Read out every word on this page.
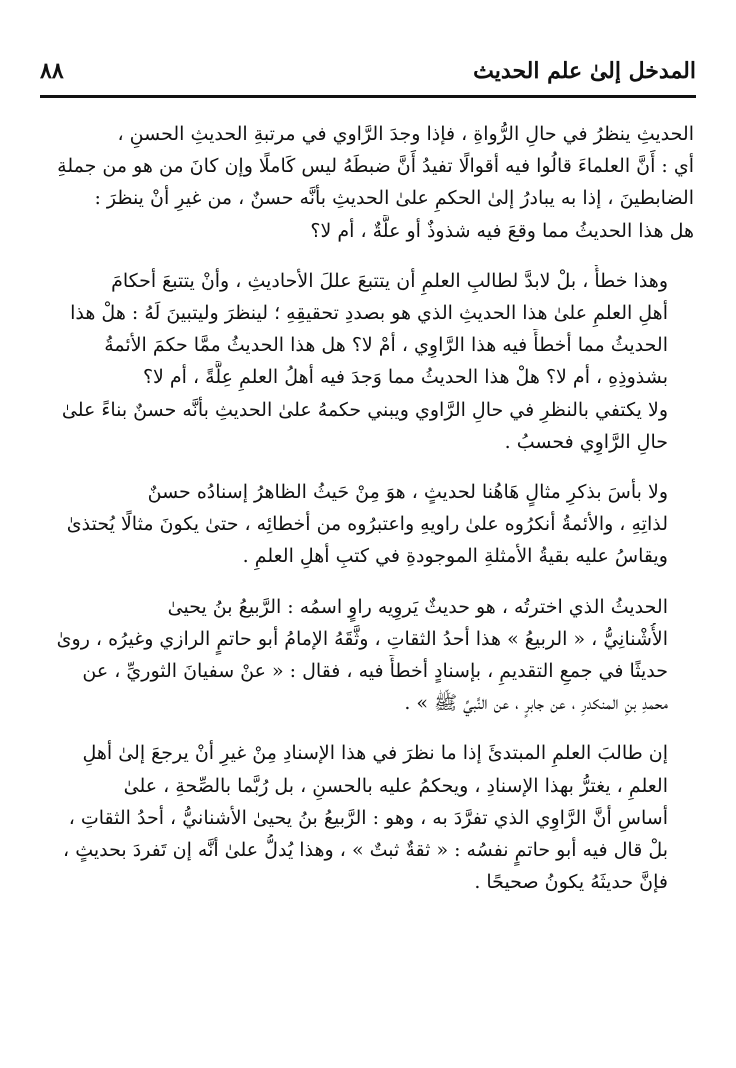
المدخل إلىٰ علم الحديث
٨٨

الحديثِ ينظرُ في حالِ الرُّواةِ ، فإذا وجدَ الرَّاوي في مرتبةِ الحديثِ الحسنِ ،
أي : أَنَّ العلماءَ قالُوا فيه أقوالًا تفيدُ أَنَّ ضبطَهُ ليس كَاملًا وإن كانَ من هو من جملةِ
الضابطينَ ، إذا به يبادرُ إلىٰ الحكمِ علىٰ الحديثِ بأنَّه حسنٌ ، من غيرِ أنْ ينظرَ :
هل هذا الحديثُ مما وقعَ فيه شذوذٌ أو علَّةٌ ، أم لا؟

وهذا خطأٌ ، بلْ لابدَّ لطالبِ العلمِ أن يتتبعَ عللَ الأحاديثِ ، وأنْ يتتبعَ أحكامَ
أهلِ العلمِ علىٰ هذا الحديثِ الذي هو بصددِ تحقيقِهِ ؛ لينظرَ وليتبينَ لَهُ : هلْ هذا
الحديثُ مما أخطأَ فيه هذا الرَّاوِي ، أمْ لا؟ هل هذا الحديثُ ممَّا حكمَ الأئمةُ
بشذوذِهِ ، أم لا؟ هلْ هذا الحديثُ مما وَجدَ فيه أهلُ العلمِ عِلَّةً ، أم لا؟
ولا يكتفي بالنظرِ في حالِ الرَّاوي ويبني حكمهُ علىٰ الحديثِ بأنَّه حسنٌ بناءً علىٰ
حالِ الرَّاوِي فحسبُ .

ولا بأسَ بذكرِ مثالٍ هَاهُنا لحديثٍ ، هوَ مِنْ حَيثُ الظاهرُ إسنادُه حسنٌ
لذاتِهِ ، والأئمةُ أنكرُوه علىٰ راويهِ واعتبرُوه من أخطائِه ، حتىٰ يكونَ مثالًا يُحتذىٰ
ويقاسُ عليه بقيةُ الأمثلةِ الموجودةِ في كتبِ أهلِ العلمِ .

الحديثُ الذي اخترتُه ، هو حديثٌ يَروِيه راوٍ اسمُه : الرَّبيعُ بنُ يحيىٰ
الأُشْنانِيُّ ، « الربيعُ » هذا أحدُ الثقاتِ ، وثَّقَهُ الإمامُ أبو حاتمٍ الرازي وغيرُه ، روىٰ
حديثًا في جمعِ التقديمِ ، بإسنادٍ أخطأَ فيه ، فقال : « عنْ سفيانَ الثوريِّ ، عن
محمدِ بنِ المنكدرِ ، عن جابرٍ ، عن النَّبيِّ ﷺ » .

إن طالبَ العلمِ المبتدئَ إذا ما نظرَ في هذا الإسنادِ مِنْ غيرِ أنْ يرجعَ إلىٰ أهلِ
العلمِ ، يغترُّ بهذا الإسنادِ ، ويحكمُ عليه بالحسنِ ، بل رُبَّما بالصِّحةِ ، علىٰ
أساسِ أنَّ الرَّاوِي الذي تفرَّدَ به ، وهو : الرَّبيعُ بنُ يحيىٰ الأشنانيُّ ، أحدُ الثقاتِ ،
بلْ قال فيه أبو حاتمٍ نفسُه : « ثقةٌ ثبتٌ » ، وهذا يُدلُّ علىٰ أنَّه إن تَفردَ بحديثٍ ،
فإنَّ حديثَهُ يكونُ صحيحًا .
